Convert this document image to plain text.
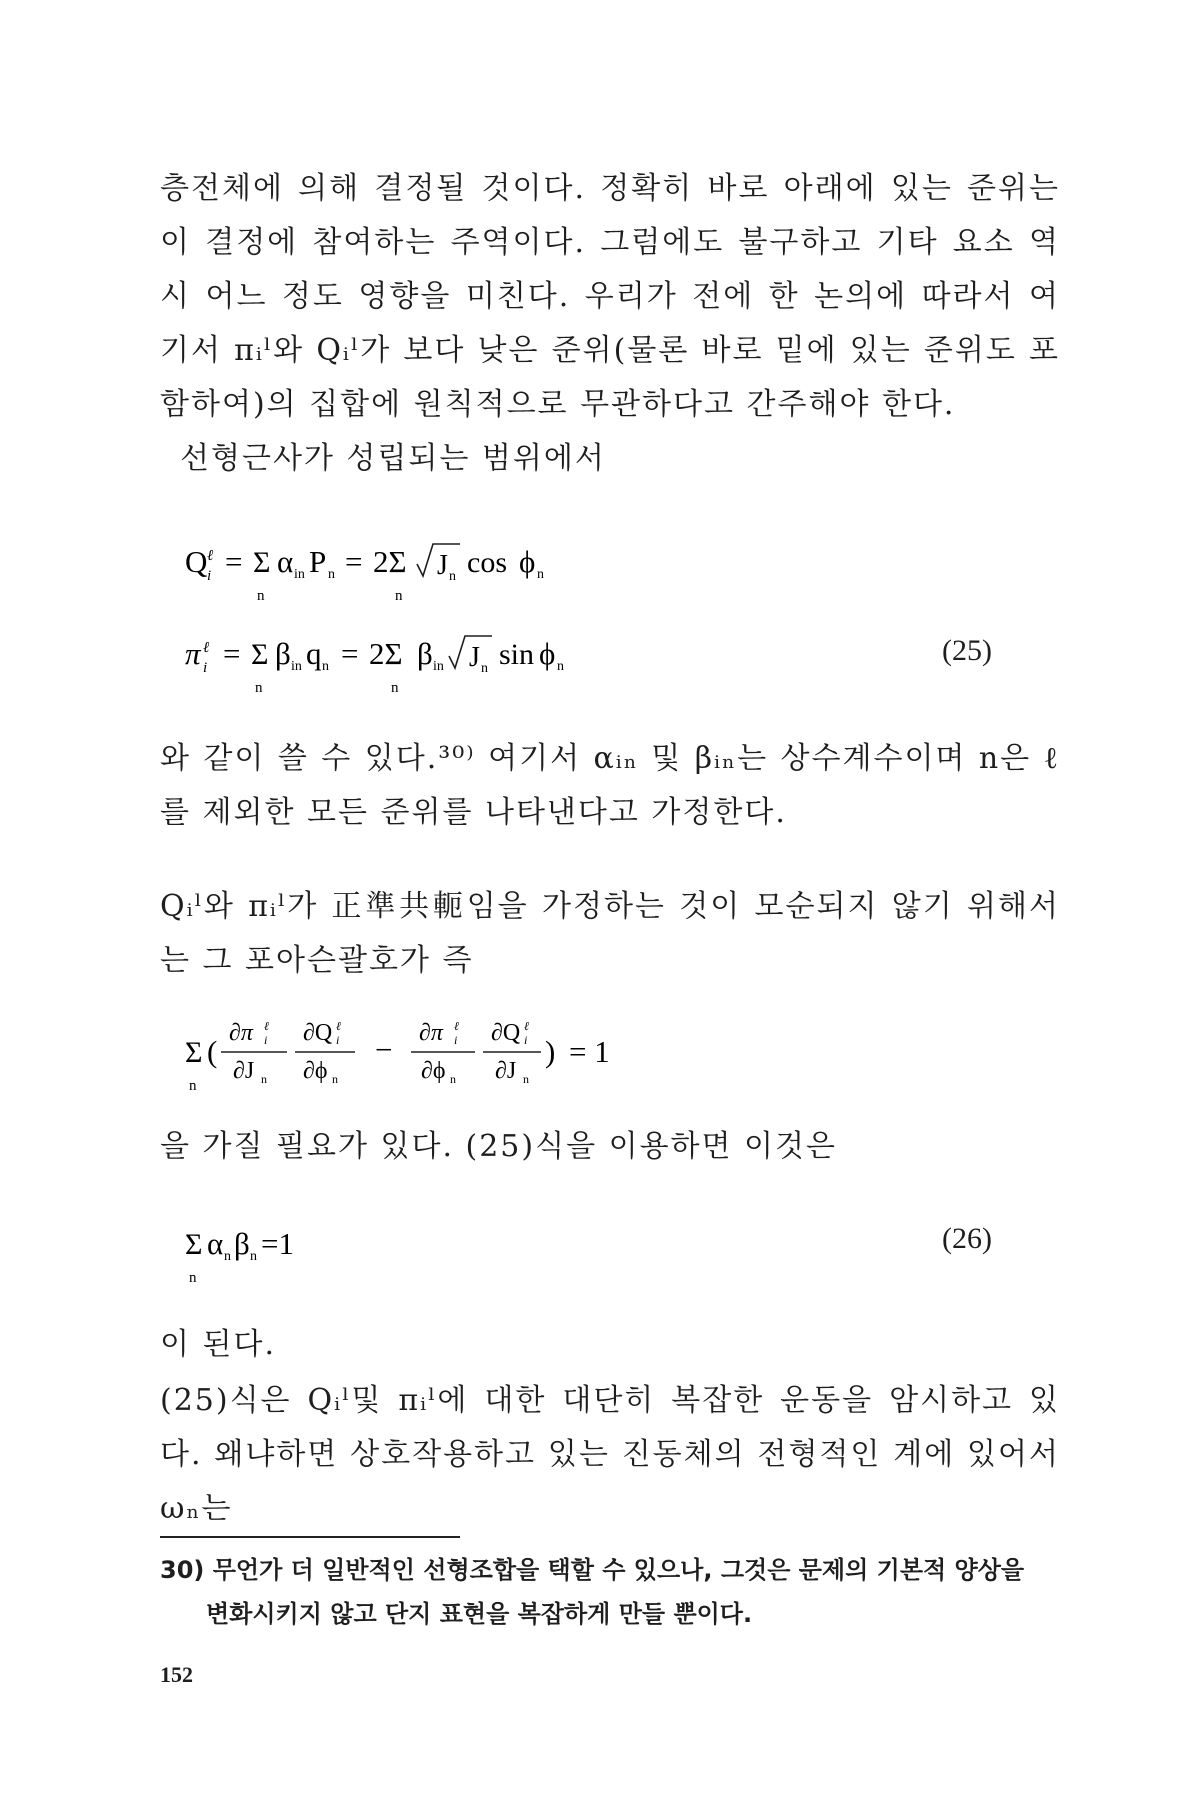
층전체에 의해 결정될 것이다. 정확히 바로 아래에 있는 준위는 이 결정에 참여하는 주역이다. 그럼에도 불구하고 기타 요소 역시 어느 정도 영향을 미친다. 우리가 전에 한 논의에 따라서 여기서 πᵢˡ와 Qᵢˡ가 보다 낮은 준위(물론 바로 밑에 있는 준위도 포함하여)의 집합에 원칙적으로 무관하다고 간주해야 한다.

선형근사가 성립되는 범위에서

Q ℓ
i = Σ
n
α in P n = 2Σ
n
J n cos ϕ n
π ℓ
i = Σ
n
β in q n = 2Σ
n
β in J n sin ϕ n	(25)

와 같이 쓸 수 있다.³⁰⁾ 여기서 αᵢₙ 및 βᵢₙ는 상수계수이며 n은 ℓ를 제외한 모든 준위를 나타낸다고 가정한다.

Qᵢˡ와 πᵢˡ가 正準共軛임을 가정하는 것이 모순되지 않기 위해서는 그 포아슨괄호가 즉

Σ
n
(
∂π ℓ
i
∂J n
∂Q ℓ
i
∂ϕ n
− ∂π ℓ
i
∂ϕ n
∂Q ℓ
i
∂J n
) = 1

을 가질 필요가 있다. (25)식을 이용하면 이것은

Σ
n
α n β n =1	(26)

이 된다.

(25)식은 Qᵢˡ및 πᵢˡ에 대한 대단히 복잡한 운동을 암시하고 있다. 왜냐하면 상호작용하고 있는 진동체의 전형적인 계에 있어서 ωₙ는

30) 무언가 더 일반적인 선형조합을 택할 수 있으나, 그것은 문제의 기본적 양상을
변화시키지 않고 단지 표현을 복잡하게 만들 뿐이다.
152
